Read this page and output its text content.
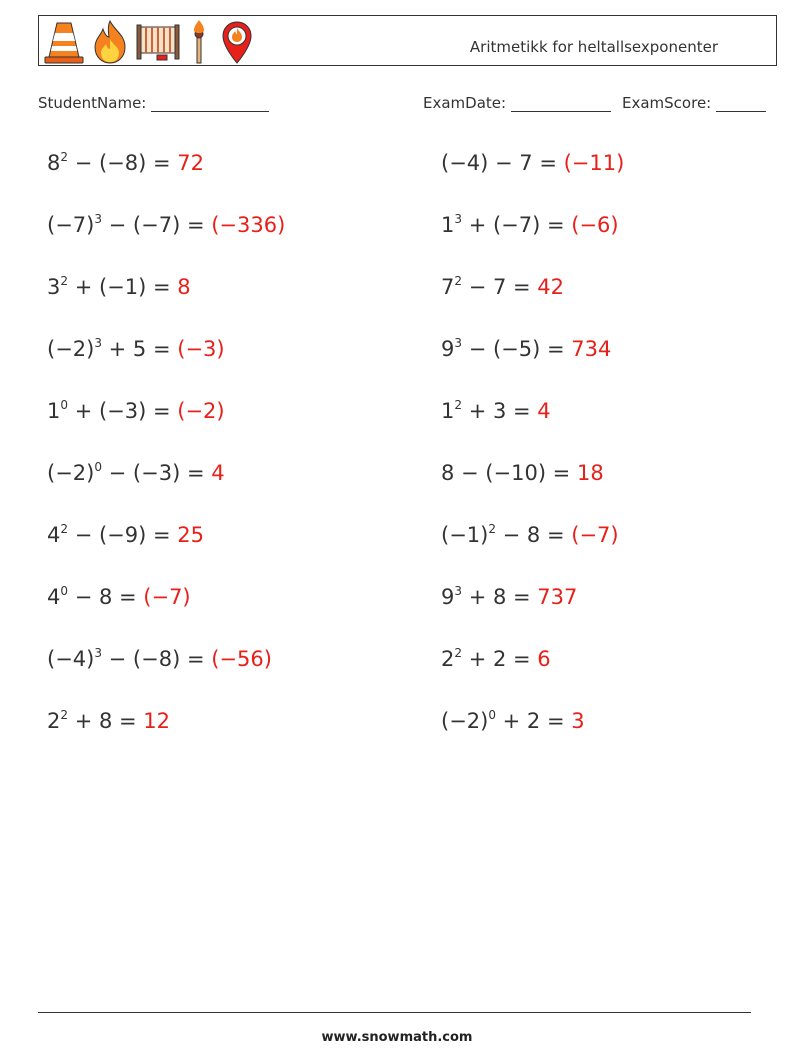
Aritmetikk for heltallsexponenter
StudentName:	ExamDate:	ExamScore:
$8^2 - (-8) = 72$	(−4) − 7 = (−11)
$(-7)^3 - (-7) = (-336)$	$1^3 + (-7) = (-6)$
$3^2 + (-1) = 8$	$7^2 - 7 = 42$
$(-2)^3 + 5 = (-3)$	$9^3 - (-5) = 734$
$1^0 + (-3) = (-2)$	$1^2 + 3 = 4$
$(-2)^0 - (-3) = 4$	8 − (−10) = 18
$4^2 - (-9) = 25$	$(-1)^2 - 8 = (-7)$
$4^0 - 8 = (-7)$	$9^3 + 8 = 737$
$(-4)^3 - (-8) = (-56)$	$2^2 + 2 = 6$
$2^2 + 8 = 12$	$(-2)^0 + 2 = 3$
www.snowmath.com
